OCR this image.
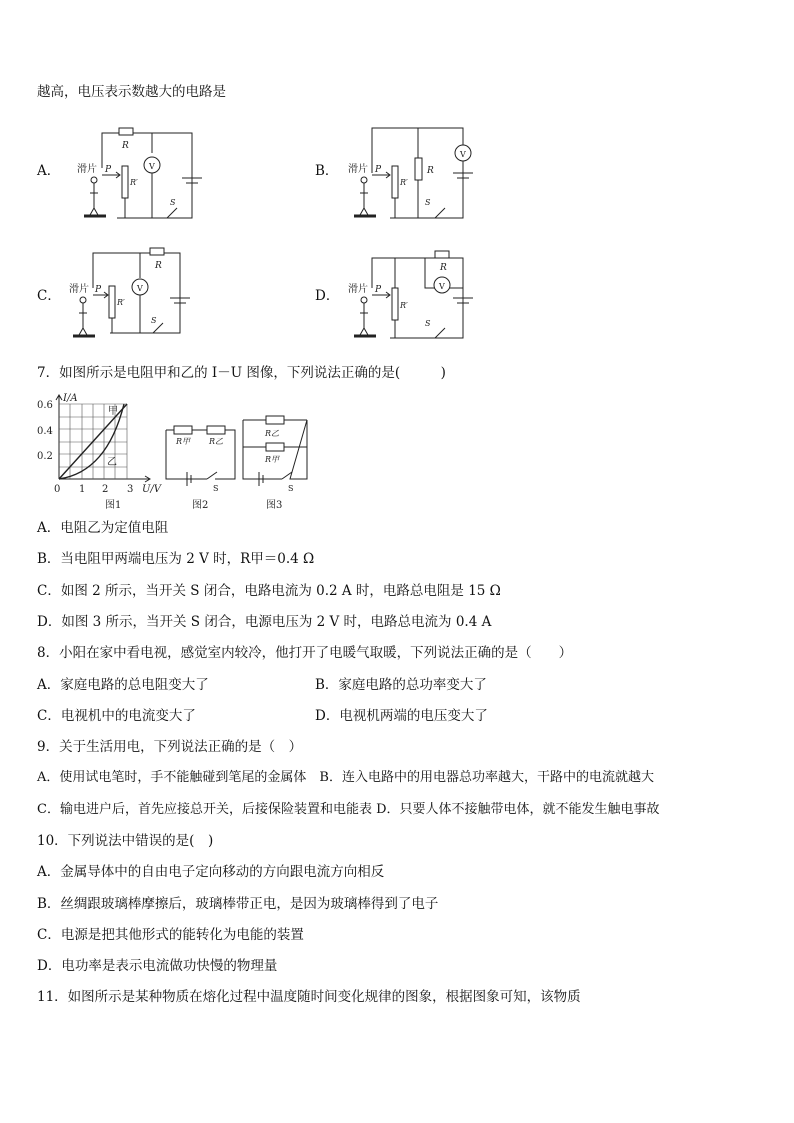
越高，电压表示数越大的电路是
A．	B．
C．	D．
R
V
R′
滑片 P
S
R
V
R′
滑片 P
S
R
V
R′
滑片 P
S
R
V
R′
滑片 P
S
7．如图所示是电阻甲和乙的 I－U 图像，下列说法正确的是(　　　)
I/A
0.6
0.4
0.2
甲
乙
0 1 2 3 U/V
图1
R甲 R乙
S
图2
R乙
R甲
S
图3
A．电阻乙为定值电阻
B．当电阻甲两端电压为 2 V 时，R甲＝0.4 Ω
C．如图 2 所示，当开关 S 闭合，电路电流为 0.2 A 时，电路总电阻是 15 Ω
D．如图 3 所示，当开关 S 闭合，电源电压为 2 V 时，电路总电流为 0.4 A
8．小阳在家中看电视，感觉室内较冷，他打开了电暖气取暖，下列说法正确的是（　　）
A．家庭电路的总电阻变大了	B．家庭电路的总功率变大了
C．电视机中的电流变大了	D．电视机两端的电压变大了
9．关于生活用电，下列说法正确的是（　）
A．使用试电笔时，手不能触碰到笔尾的金属体　B．连入电路中的用电器总功率越大，干路中的电流就越大
C．输电进户后，首先应接总开关，后接保险装置和电能表 D．只要人体不接触带电体，就不能发生触电事故
10．下列说法中错误的是(　)
A．金属导体中的自由电子定向移动的方向跟电流方向相反
B．丝绸跟玻璃棒摩擦后，玻璃棒带正电，是因为玻璃棒得到了电子
C．电源是把其他形式的能转化为电能的装置
D．电功率是表示电流做功快慢的物理量
11．如图所示是某种物质在熔化过程中温度随时间变化规律的图象，根据图象可知，该物质
